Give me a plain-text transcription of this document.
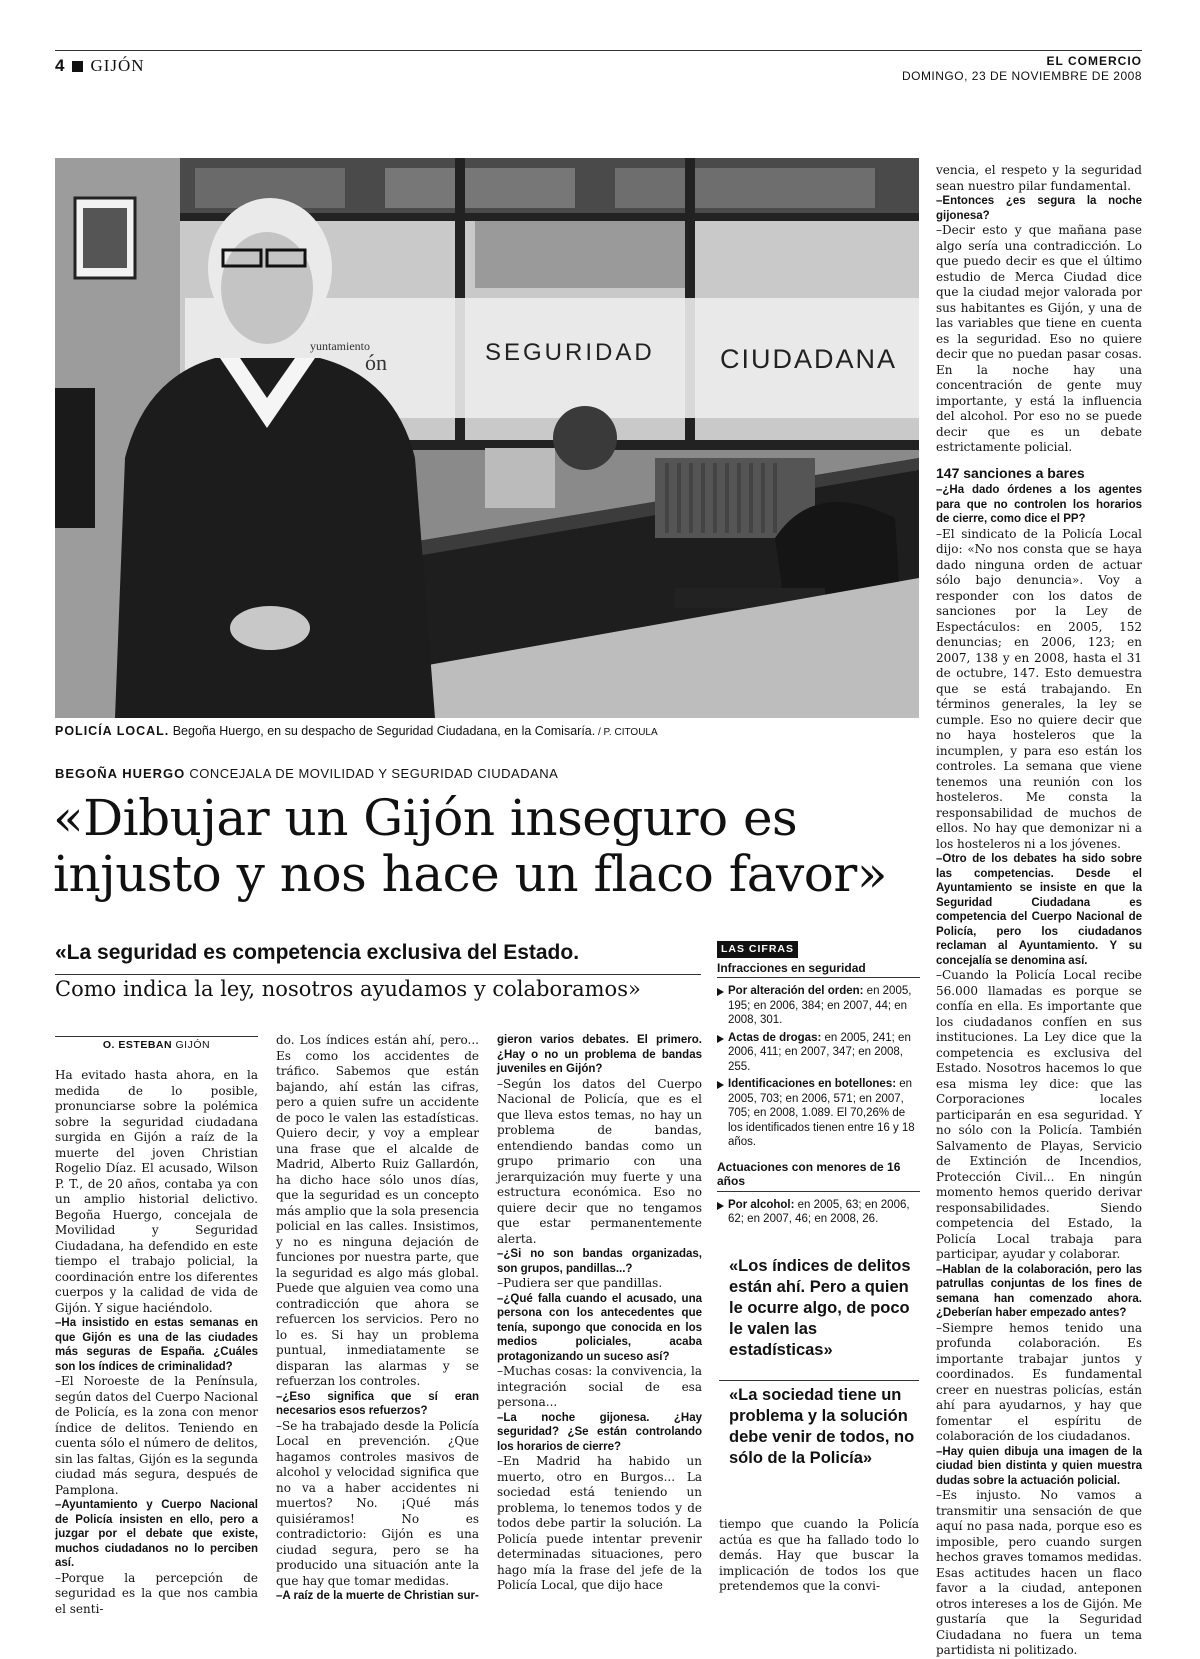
4 GIJÓN	EL COMERCIO
DOMINGO, 23 DE NOVIEMBRE DE 2008
SEGURIDAD CIUDADANA
yuntamiento
ón
POLICÍA LOCAL. Begoña Huergo, en su despacho de Seguridad Ciudadana, en la Comisaría. / P. CITOULA
BEGOÑA HUERGO CONCEJALA DE MOVILIDAD Y SEGURIDAD CIUDADANA
«Dibujar un Gijón inseguro es
injusto y nos hace un flaco favor»
«La seguridad es competencia exclusiva del Estado.
Como indica la ley, nosotros ayudamos y colaboramos»
O. ESTEBAN GIJÓN

Ha evitado hasta ahora, en la medida de lo posible, pronunciarse sobre la polémica sobre la seguridad ciudadana surgida en Gijón a raíz de la muerte del joven Christian Rogelio Díaz. El acusado, Wilson P. T., de 20 años, contaba ya con un amplio historial delictivo. Begoña Huergo, concejala de Movilidad y Seguridad Ciudadana, ha defendido en este tiempo el trabajo policial, la coordinación entre los diferentes cuerpos y la calidad de vida de Gijón. Y sigue haciéndolo.

–Ha insistido en estas semanas en que Gijón es una de las ciudades más seguras de España. ¿Cuáles son los índices de criminalidad?

–El Noroeste de la Península, según datos del Cuerpo Nacional de Policía, es la zona con menor índice de delitos. Teniendo en cuenta sólo el número de delitos, sin las faltas, Gijón es la segunda ciudad más segura, después de Pamplona.

–Ayuntamiento y Cuerpo Nacional de Policía insisten en ello, pero a juzgar por el debate que existe, muchos ciudadanos no lo perciben así.

–Porque la percepción de seguridad es la que nos cambia el senti-

do. Los índices están ahí, pero... Es como los accidentes de tráfico. Sabemos que están bajando, ahí están las cifras, pero a quien sufre un accidente de poco le valen las estadísticas. Quiero decir, y voy a emplear una frase que el alcalde de Madrid, Alberto Ruiz Gallardón, ha dicho hace sólo unos días, que la seguridad es un concepto más amplio que la sola presencia policial en las calles. Insistimos, y no es ninguna dejación de funciones por nuestra parte, que la seguridad es algo más global. Puede que alguien vea como una contradicción que ahora se refuercen los servicios. Pero no lo es. Si hay un problema puntual, inmediatamente se disparan las alarmas y se refuerzan los controles.

–¿Eso significa que sí eran necesarios esos refuerzos?

–Se ha trabajado desde la Policía Local en prevención. ¿Que hagamos controles masivos de alcohol y velocidad significa que no va a haber accidentes ni muertos? No. ¡Qué más quisiéramos! No es contradictorio: Gijón es una ciudad segura, pero se ha producido una situación ante la que hay que tomar medidas.

–A raíz de la muerte de Christian sur-

gieron varios debates. El primero. ¿Hay o no un problema de bandas juveniles en Gijón?

–Según los datos del Cuerpo Nacional de Policía, que es el que lleva estos temas, no hay un problema de bandas, entendiendo bandas como un grupo primario con una jerarquización muy fuerte y una estructura económica. Eso no quiere decir que no tengamos que estar permanentemente alerta.

–¿Si no son bandas organizadas, son grupos, pandillas...?

–Pudiera ser que pandillas.

–¿Qué falla cuando el acusado, una persona con los antecedentes que tenía, supongo que conocida en los medios policiales, acaba protagonizando un suceso así?

–Muchas cosas: la convivencia, la integración social de esa persona...

–La noche gijonesa. ¿Hay seguridad? ¿Se están controlando los horarios de cierre?

–En Madrid ha habido un muerto, otro en Burgos... La sociedad está teniendo un problema, lo tenemos todos y de todos debe partir la solución. La Policía puede intentar prevenir determinadas situaciones, pero hago mía la frase del jefe de la Policía Local, que dijo hace

LAS CIFRAS
Infracciones en seguridad
Por alteración del orden: en 2005, 195; en 2006, 384; en 2007, 44; en 2008, 301.
Actas de drogas: en 2005, 241; en 2006, 411; en 2007, 347; en 2008, 255.
Identificaciones en botellones: en 2005, 703; en 2006, 571; en 2007, 705; en 2008, 1.089. El 70,26% de los identificados tienen entre 16 y 18 años.
Actuaciones con menores de 16 años
Por alcohol: en 2005, 63; en 2006, 62; en 2007, 46; en 2008, 26.
«Los índices de delitos están ahí. Pero a quien le ocurre algo, de poco le valen las estadísticas»
«La sociedad tiene un problema y la solución debe venir de todos, no sólo de la Policía»

tiempo que cuando la Policía actúa es que ha fallado todo lo demás. Hay que buscar la implicación de todos los que pretendemos que la convi-

vencia, el respeto y la seguridad sean nuestro pilar fundamental.

–Entonces ¿es segura la noche gijonesa?

–Decir esto y que mañana pase algo sería una contradicción. Lo que puedo decir es que el último estudio de Merca Ciudad dice que la ciudad mejor valorada por sus habitantes es Gijón, y una de las variables que tiene en cuenta es la seguridad. Eso no quiere decir que no puedan pasar cosas. En la noche hay una concentración de gente muy importante, y está la influencia del alcohol. Por eso no se puede decir que es un debate estrictamente policial.

147 sanciones a bares

–¿Ha dado órdenes a los agentes para que no controlen los horarios de cierre, como dice el PP?

–El sindicato de la Policía Local dijo: «No nos consta que se haya dado ninguna orden de actuar sólo bajo denuncia». Voy a responder con los datos de sanciones por la Ley de Espectáculos: en 2005, 152 denuncias; en 2006, 123; en 2007, 138 y en 2008, hasta el 31 de octubre, 147. Esto demuestra que se está trabajando. En términos generales, la ley se cumple. Eso no quiere decir que no haya hosteleros que la incumplen, y para eso están los controles. La semana que viene tenemos una reunión con los hosteleros. Me consta la responsabilidad de muchos de ellos. No hay que demonizar ni a los hosteleros ni a los jóvenes.

–Otro de los debates ha sido sobre las competencias. Desde el Ayuntamiento se insiste en que la Seguridad Ciudadana es competencia del Cuerpo Nacional de Policía, pero los ciudadanos reclaman al Ayuntamiento. Y su concejalía se denomina así.

–Cuando la Policía Local recibe 56.000 llamadas es porque se confía en ella. Es importante que los ciudadanos confíen en sus instituciones. La Ley dice que la competencia es exclusiva del Estado. Nosotros hacemos lo que esa misma ley dice: que las Corporaciones locales participarán en esa seguridad. Y no sólo con la Policía. También Salvamento de Playas, Servicio de Extinción de Incendios, Protección Civil... En ningún momento hemos querido derivar responsabilidades. Siendo competencia del Estado, la Policía Local trabaja para participar, ayudar y colaborar.

–Hablan de la colaboración, pero las patrullas conjuntas de los fines de semana han comenzado ahora. ¿Deberían haber empezado antes?

–Siempre hemos tenido una profunda colaboración. Es importante trabajar juntos y coordinados. Es fundamental creer en nuestras policías, están ahí para ayudarnos, y hay que fomentar el espíritu de colaboración de los ciudadanos.

–Hay quien dibuja una imagen de la ciudad bien distinta y quien muestra dudas sobre la actuación policial.

–Es injusto. No vamos a transmitir una sensación de que aquí no pasa nada, porque eso es imposible, pero cuando surgen hechos graves tomamos medidas. Esas actitudes hacen un flaco favor a la ciudad, anteponen otros intereses a los de Gijón. Me gustaría que la Seguridad Ciudadana no fuera un tema partidista ni politizado.
